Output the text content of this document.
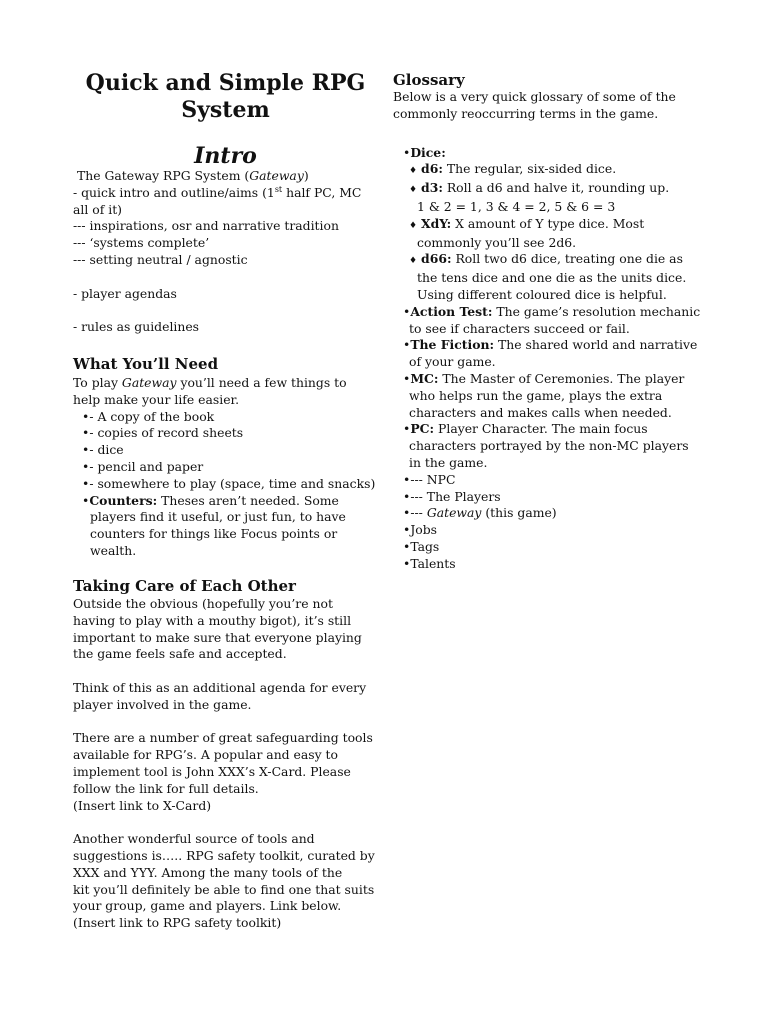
Quick and Simple RPG System
Intro
The Gateway RPG System (Gateway)
- quick intro and outline/aims (1st half PC, MC
all of it)
--- inspirations, osr and narrative tradition
--- ‘systems complete’
--- setting neutral / agnostic
- player agendas
- rules as guidelines
What You’ll Need
To play Gateway you’ll need a few things to
help make your life easier.
• - A copy of the book
• - copies of record sheets
• - dice
• - pencil and paper
• - somewhere to play (space, time and snacks)
• Counters: Theses aren’t needed. Some
players find it useful, or just fun, to have
counters for things like Focus points or
wealth.
Taking Care of Each Other
Outside the obvious (hopefully you’re not
having to play with a mouthy bigot), it’s still
important to make sure that everyone playing
the game feels safe and accepted.
Think of this as an additional agenda for every
player involved in the game.
There are a number of great safeguarding tools
available for RPG’s. A popular and easy to
implement tool is John XXX’s X-Card. Please
follow the link for full details.
(Insert link to X-Card)
Another wonderful source of tools and
suggestions is….. RPG safety toolkit, curated by
XXX and YYY. Among the many tools of the
kit you’ll definitely be able to find one that suits
your group, game and players. Link below.
(Insert link to RPG safety toolkit)
Glossary
Below is a very quick glossary of some of the
commonly reoccurring terms in the game.
• Dice:
♦ d6: The regular, six-sided dice.
♦ d3: Roll a d6 and halve it, rounding up.
1 & 2 = 1, 3 & 4 = 2, 5 & 6 = 3
♦ XdY: X amount of Y type dice. Most
commonly you’ll see 2d6.
♦ d66: Roll two d6 dice, treating one die as
the tens dice and one die as the units dice.
Using different coloured dice is helpful.
• Action Test: The game’s resolution mechanic
to see if characters succeed or fail.
• The Fiction: The shared world and narrative
of your game.
• MC: The Master of Ceremonies. The player
who helps run the game, plays the extra
characters and makes calls when needed.
• PC: Player Character. The main focus
characters portrayed by the non-MC players
in the game.
• --- NPC
• --- The Players
• --- Gateway (this game)
• Jobs
• Tags
• Talents
